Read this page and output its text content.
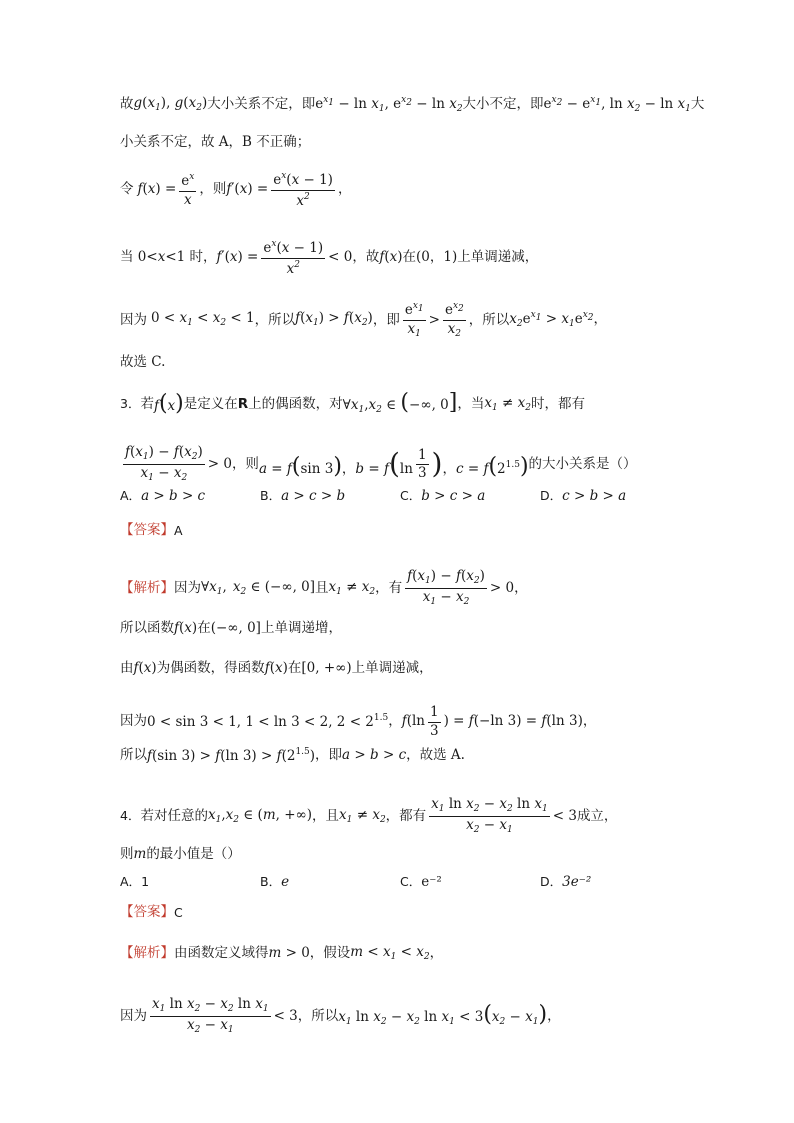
故 $g(x_1)$, $g(x_2)$ 大小关系不定，即 $e^{x_1} - \ln x_1$, $e^{x_2} - \ln x_2$ 大小不定，即 $e^{x_2} - e^{x_1}$, $\ln x_2 - \ln x_1$ 大
小关系不定，故 A，B 不正确；
令 $f(x) = \frac{e^x}{x}$ ，则 $f'(x) = \frac{e^x(x - 1)}{x^2}$ ，
当 0< x <1 时， $f'(x) = \frac{e^x(x - 1)}{x^2} < 0$ ，故 f(x) 在(0，1)上单调递减，
因为 $0 < x_1 < x_2 < 1$ ，所以 $f(x_1) > f(x_2)$ ，即 $\frac{e^{x_1}}{x_1} > \frac{e^{x_2}}{x_2}$ ，所以 $x_2e^{x_1} > x_1e^{x_2}$，
故选 C.
3． 若 f(x) 是定义在 R 上的偶函数，对 $\forall x_1,x_2$ ∈ (−∞, 0] ，当 $x_1 \ne x_2$ 时，都有
$\frac{f(x_1) - f(x_2)}{x_1 - x_2} > 0$ ，则 a = f(sin 3)，$b = f(\ln \frac{1}{3}$ )，$c = f(2^{1.5})$ 的大小关系是（）
A．a > b > c	B．a > c > b	C．b > c > a	D．c > b > a
【答案】 A
【解析】 因为 $\forall x_1$, $x_2$ ∈ (−∞, 0] 且 $x_1 \ne x_2$ ，有 $\frac{f(x_1) - f(x_2)}{x_1 - x_2} > 0$ ，
所以函数 f(x) 在 (−∞, 0] 上单调递增，
由 f(x) 为偶函数，得函数 f(x) 在 [0, +∞) 上单调递减，
因为 0 < sin 3 < 1, 1 < ln 3 < 2, $2 < 2^{1.5}$ ， $f(\ln \frac{1}{3}$ ) = f(−ln 3) = f(ln 3)，
所以 f(sin 3) > f(ln $3) > f(2^{1.5})$ ，即 a > b > c ，故选 A.
4． 若对任意的 $x_1,x_2$ ∈ (m, +∞) ，且 $x_1 \ne x_2$ ，都有 $\frac{x_1 \ln x_2 - x_2 \ln x_1}{x_2 - x_1} < 3$ 成立，
则 m 的最小值是（）
A．1	B．e	C．e⁻²	D．3e⁻²
【答案】 C
【解析】 由函数定义域得 m > 0 ，假设 $m < x_1 < x_2$ ，
因为 $\frac{x_1 \ln x_2 - x_2 \ln x_1}{x_2 - x_1} < 3$ ，所以 $x_1$ $\ln x_2 - x_2$ $\ln x_1 < 3(x_2 - x_1)$ ，
